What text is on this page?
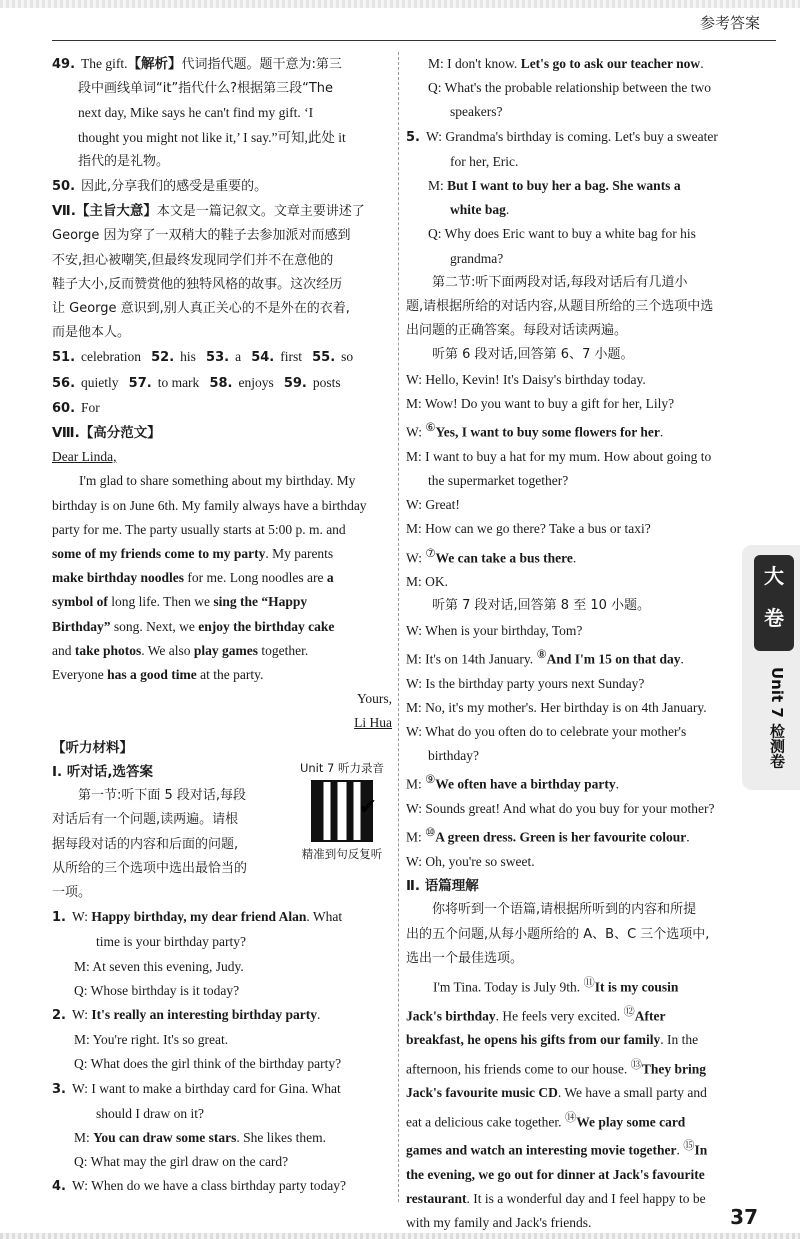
参考答案
49. The gift.【解析】代词指代题。题干意为:第三
段中画线单词“it”指代什么?根据第三段“The
next day, Mike says he can't find my gift. ‘I
thought you might not like it,’ I say.”可知,此处 it
指代的是礼物。
50. 因此,分享我们的感受是重要的。
Ⅶ.【主旨大意】本文是一篇记叙文。文章主要讲述了
George 因为穿了一双稍大的鞋子去参加派对而感到
不安,担心被嘲笑,但最终发现同学们并不在意他的
鞋子大小,反而赞赏他的独特风格的故事。这次经历
让 George 意识到,别人真正关心的不是外在的衣着,
而是他本人。
51. celebration 52. his 53. a 54. first 55. so
56. quietly 57. to mark 58. enjoys 59. posts
60. For
Ⅷ.【高分范文】
Dear Linda,
I'm glad to share something about my birthday. My
birthday is on June 6th. My family always have a birthday
party for me. The party usually starts at 5:00 p. m. and
some of my friends come to my party. My parents
make birthday noodles for me. Long noodles are a
symbol of long life. Then we sing the “Happy
Birthday” song. Next, we enjoy the birthday cake
and take photos. We also play games together.
Everyone has a good time at the party.
Yours,
Li Hua
【听力材料】
Unit 7 听力录音
✔
精准到句反复听
Ⅰ. 听对话,选答案
第一节:听下面 5 段对话,每段
对话后有一个问题,读两遍。请根
据每段对话的内容和后面的问题,
从所给的三个选项中选出最恰当的
一项。
1. W: Happy birthday, my dear friend Alan. What
time is your birthday party?
M: At seven this evening, Judy.
Q: Whose birthday is it today?
2. W: It's really an interesting birthday party.
M: You're right. It's so great.
Q: What does the girl think of the birthday party?
3. W: I want to make a birthday card for Gina. What
should I draw on it?
M: You can draw some stars. She likes them.
Q: What may the girl draw on the card?
4. W: When do we have a class birthday party today?
M: I don't know. Let's go to ask our teacher now.
Q: What's the probable relationship between the two
speakers?
5. W: Grandma's birthday is coming. Let's buy a sweater
for her, Eric.
M: But I want to buy her a bag. She wants a
white bag.
Q: Why does Eric want to buy a white bag for his
grandma?
第二节:听下面两段对话,每段对话后有几道小
题,请根据所给的对话内容,从题目所给的三个选项中选
出问题的正确答案。每段对话读两遍。
听第 6 段对话,回答第 6、7 小题。
W: Hello, Kevin! It's Daisy's birthday today.
M: Wow! Do you want to buy a gift for her, Lily?
W: ⑥Yes, I want to buy some flowers for her.
M: I want to buy a hat for my mum. How about going to
the supermarket together?
W: Great!
M: How can we go there? Take a bus or taxi?
W: ⑦We can take a bus there.
M: OK.
听第 7 段对话,回答第 8 至 10 小题。
W: When is your birthday, Tom?
M: It's on 14th January. ⑧And I'm 15 on that day.
W: Is the birthday party yours next Sunday?
M: No, it's my mother's. Her birthday is on 4th January.
W: What do you often do to celebrate your mother's
birthday?
M: ⑨We often have a birthday party.
W: Sounds great! And what do you buy for your mother?
M: ⑩A green dress. Green is her favourite colour.
W: Oh, you're so sweet.
Ⅱ. 语篇理解
你将听到一个语篇,请根据所听到的内容和所提
出的五个问题,从每小题所给的 A、B、C 三个选项中,
选出一个最佳选项。
I'm Tina. Today is July 9th. ⑪It is my cousin
Jack's birthday. He feels very excited. ⑫After
breakfast, he opens his gifts from our family. In the
afternoon, his friends come to our house. ⑬They bring
Jack's favourite music CD. We have a small party and
eat a delicious cake together. ⑭We play some card
games and watch an interesting movie together. ⑮In
the evening, we go out for dinner at Jack's favourite
restaurant. It is a wonderful day and I feel happy to be
with my family and Jack's friends.
大
卷
Unit 7 检测卷
37
